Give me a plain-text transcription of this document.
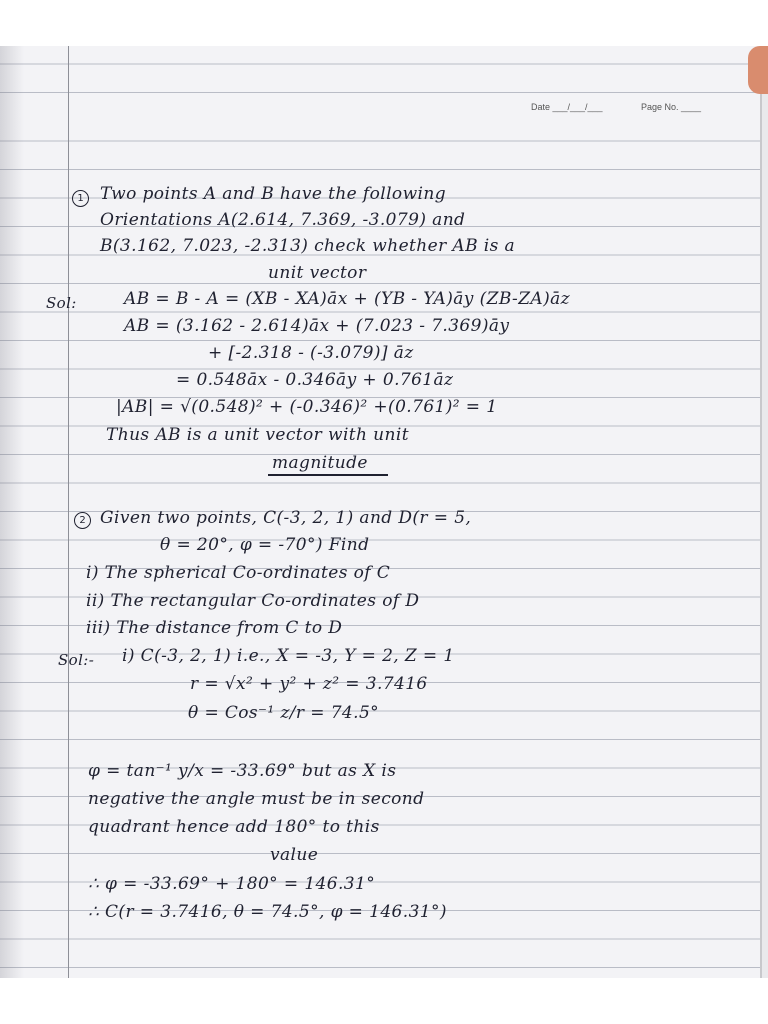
Date ___/___/___	Page No. ____
1 Two points A and B have the following
Orientations A(2.614, 7.369, -3.079) and
B(3.162, 7.023, -2.313) check whether AB is a
unit vector
Sol:	AB = B - A = (XB - XA)āx + (YB - YA)āy (ZB-ZA)āz
AB = (3.162 - 2.614)āx + (7.023 - 7.369)āy
+ [-2.318 - (-3.079)] āz
= 0.548āx - 0.346āy + 0.761āz
|AB| = √(0.548)² + (-0.346)² +(0.761)² = 1
Thus AB is a unit vector with unit
magnitude
2 Given two points, C(-3, 2, 1) and D(r = 5,
θ = 20°, φ = -70°) Find
i) The spherical Co-ordinates of C
ii) The rectangular Co-ordinates of D
iii) The distance from C to D
Sol:- i) C(-3, 2, 1) i.e., X = -3, Y = 2, Z = 1
r = √x² + y² + z² = 3.7416
θ = Cos⁻¹ z/r = 74.5°
φ = tan⁻¹ y/x = -33.69° but as X is
negative the angle must be in second
quadrant hence add 180° to this
value
∴ φ = -33.69° + 180° = 146.31°
∴ C(r = 3.7416, θ = 74.5°, φ = 146.31°)
